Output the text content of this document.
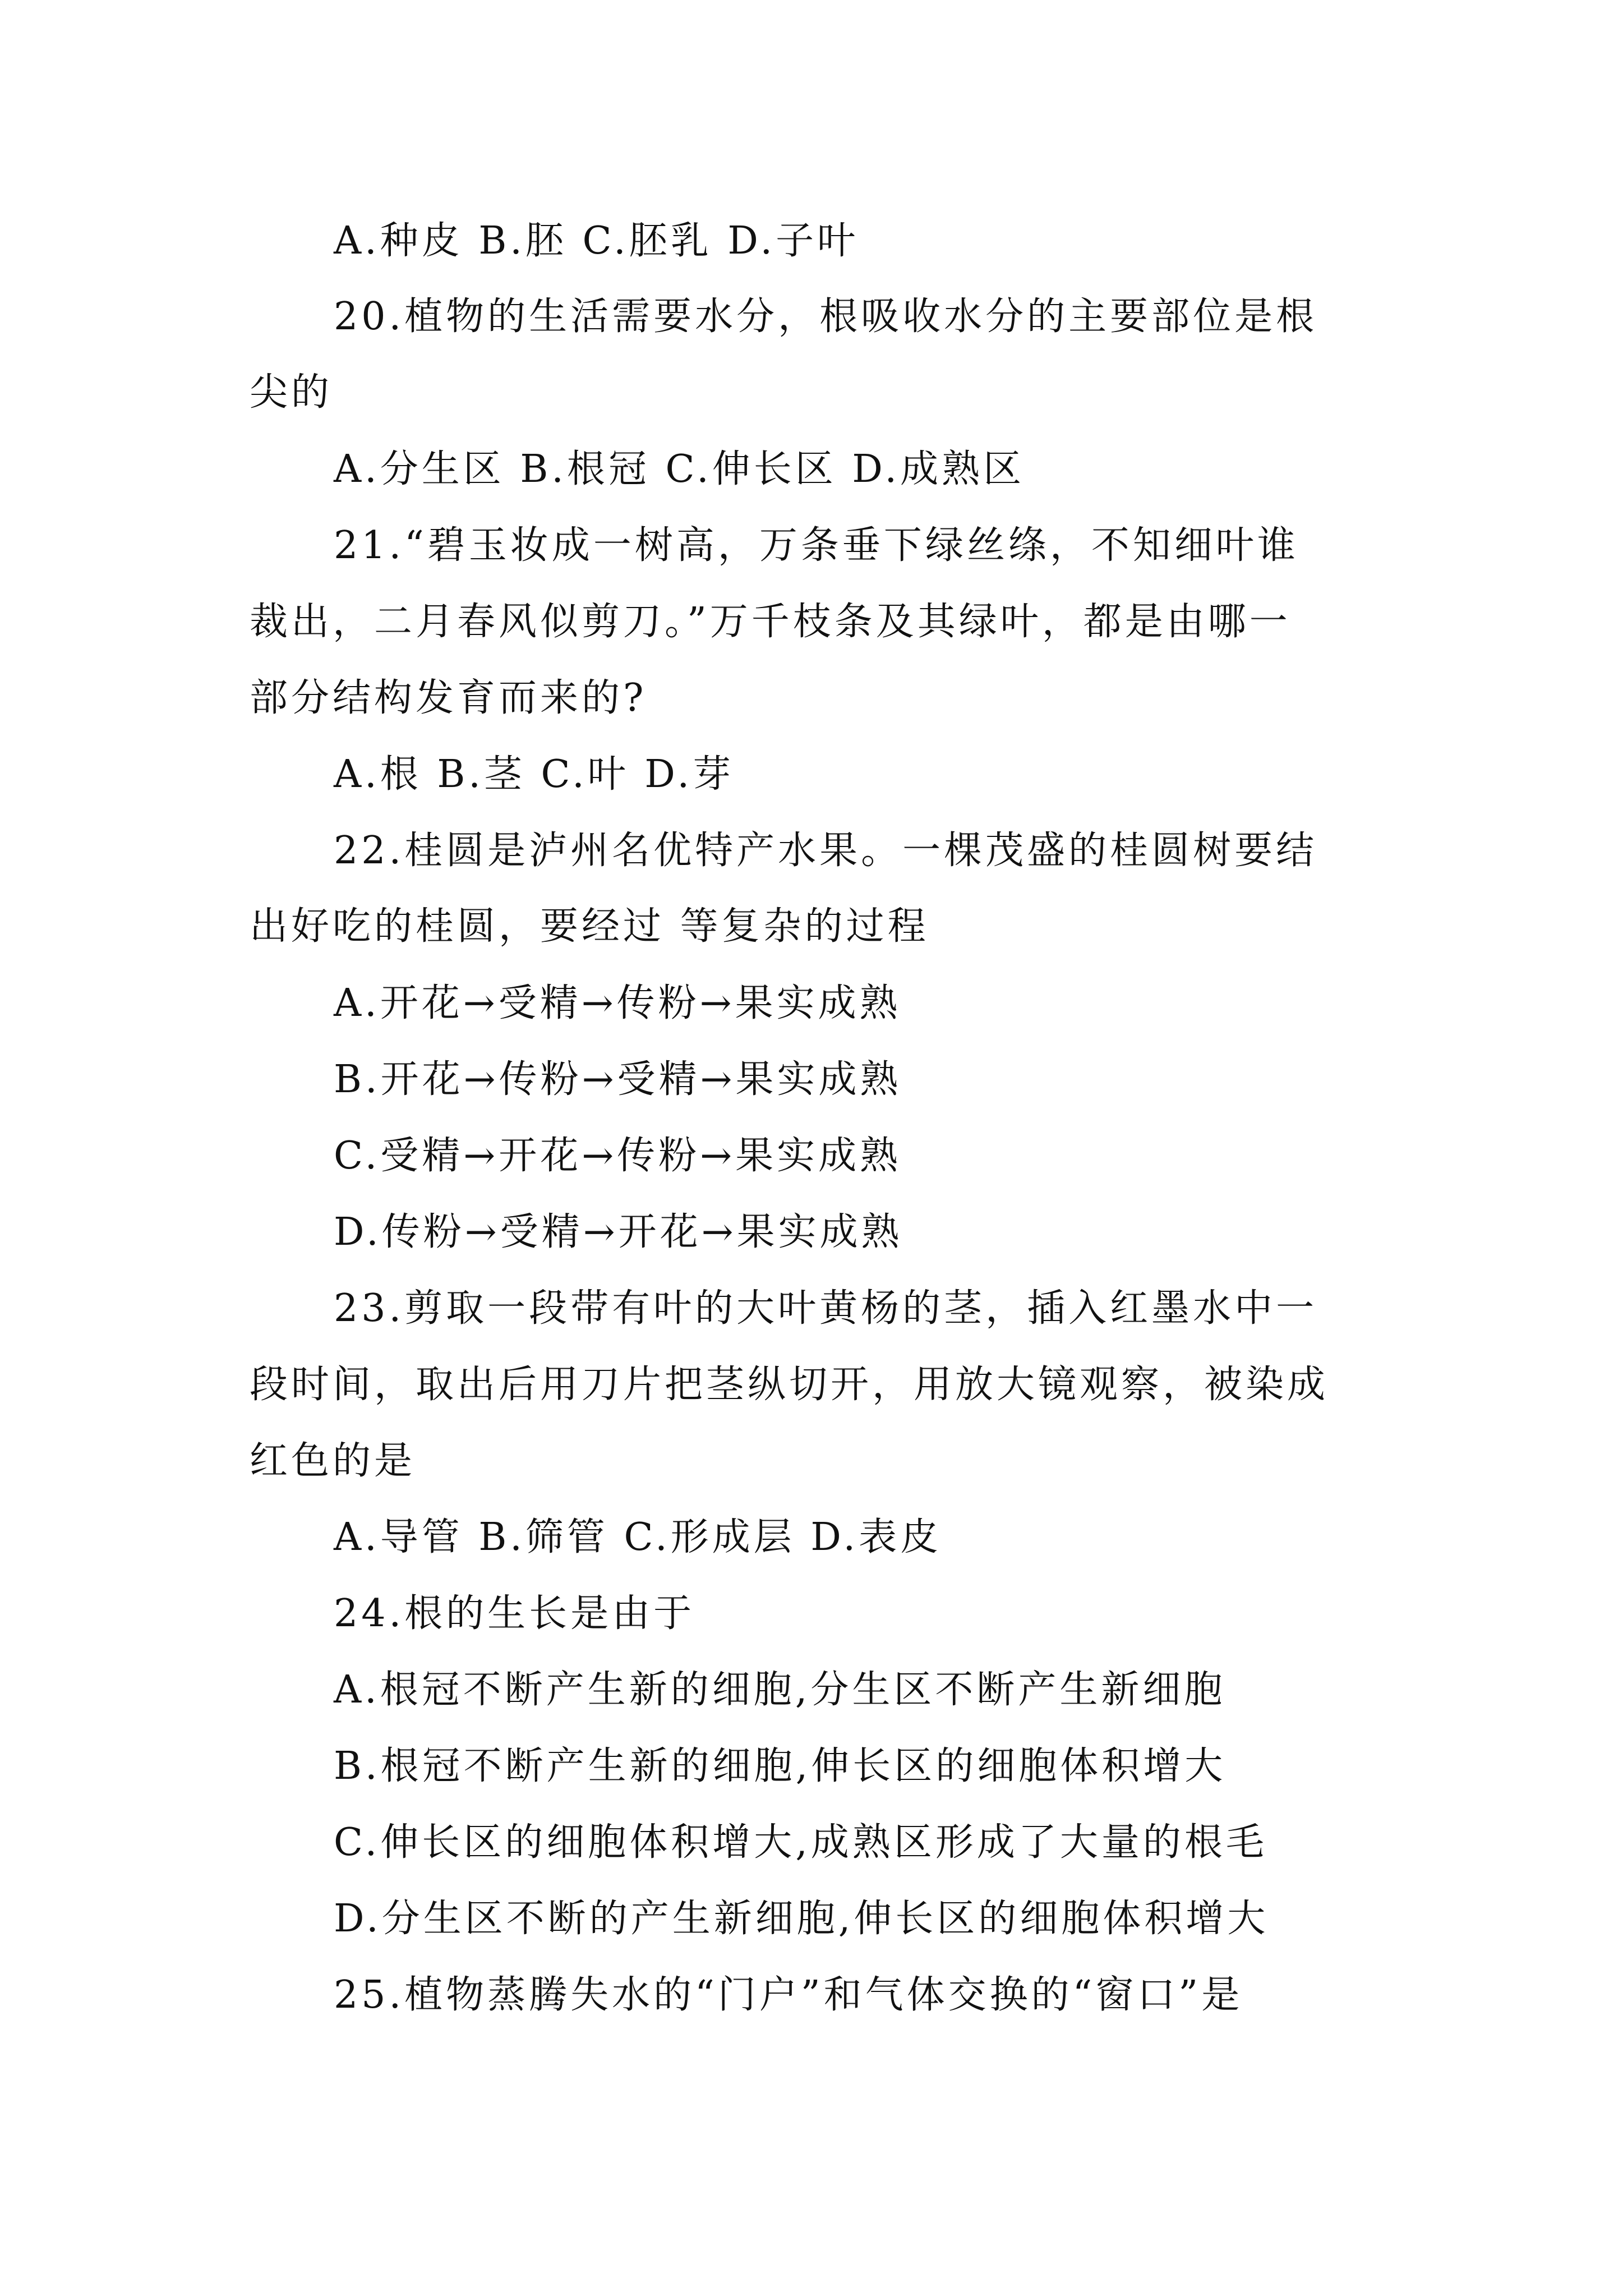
A.种皮 B.胚 C.胚乳 D.子叶
20.植物的生活需要水分，根吸收水分的主要部位是根
尖的
A.分生区 B.根冠 C.伸长区 D.成熟区
21.“碧玉妆成一树高，万条垂下绿丝绦，不知细叶谁
裁出，二月春风似剪刀。”万千枝条及其绿叶，都是由哪一
部分结构发育而来的?
A.根 B.茎 C.叶 D.芽
22.桂圆是泸州名优特产水果。一棵茂盛的桂圆树要结
出好吃的桂圆，要经过 等复杂的过程
A.开花→受精→传粉→果实成熟
B.开花→传粉→受精→果实成熟
C.受精→开花→传粉→果实成熟
D.传粉→受精→开花→果实成熟
23.剪取一段带有叶的大叶黄杨的茎，插入红墨水中一
段时间，取出后用刀片把茎纵切开，用放大镜观察，被染成
红色的是
A.导管 B.筛管 C.形成层 D.表皮
24.根的生长是由于
A.根冠不断产生新的细胞,分生区不断产生新细胞
B.根冠不断产生新的细胞,伸长区的细胞体积增大
C.伸长区的细胞体积增大,成熟区形成了大量的根毛
D.分生区不断的产生新细胞,伸长区的细胞体积增大
25.植物蒸腾失水的“门户”和气体交换的“窗口”是
